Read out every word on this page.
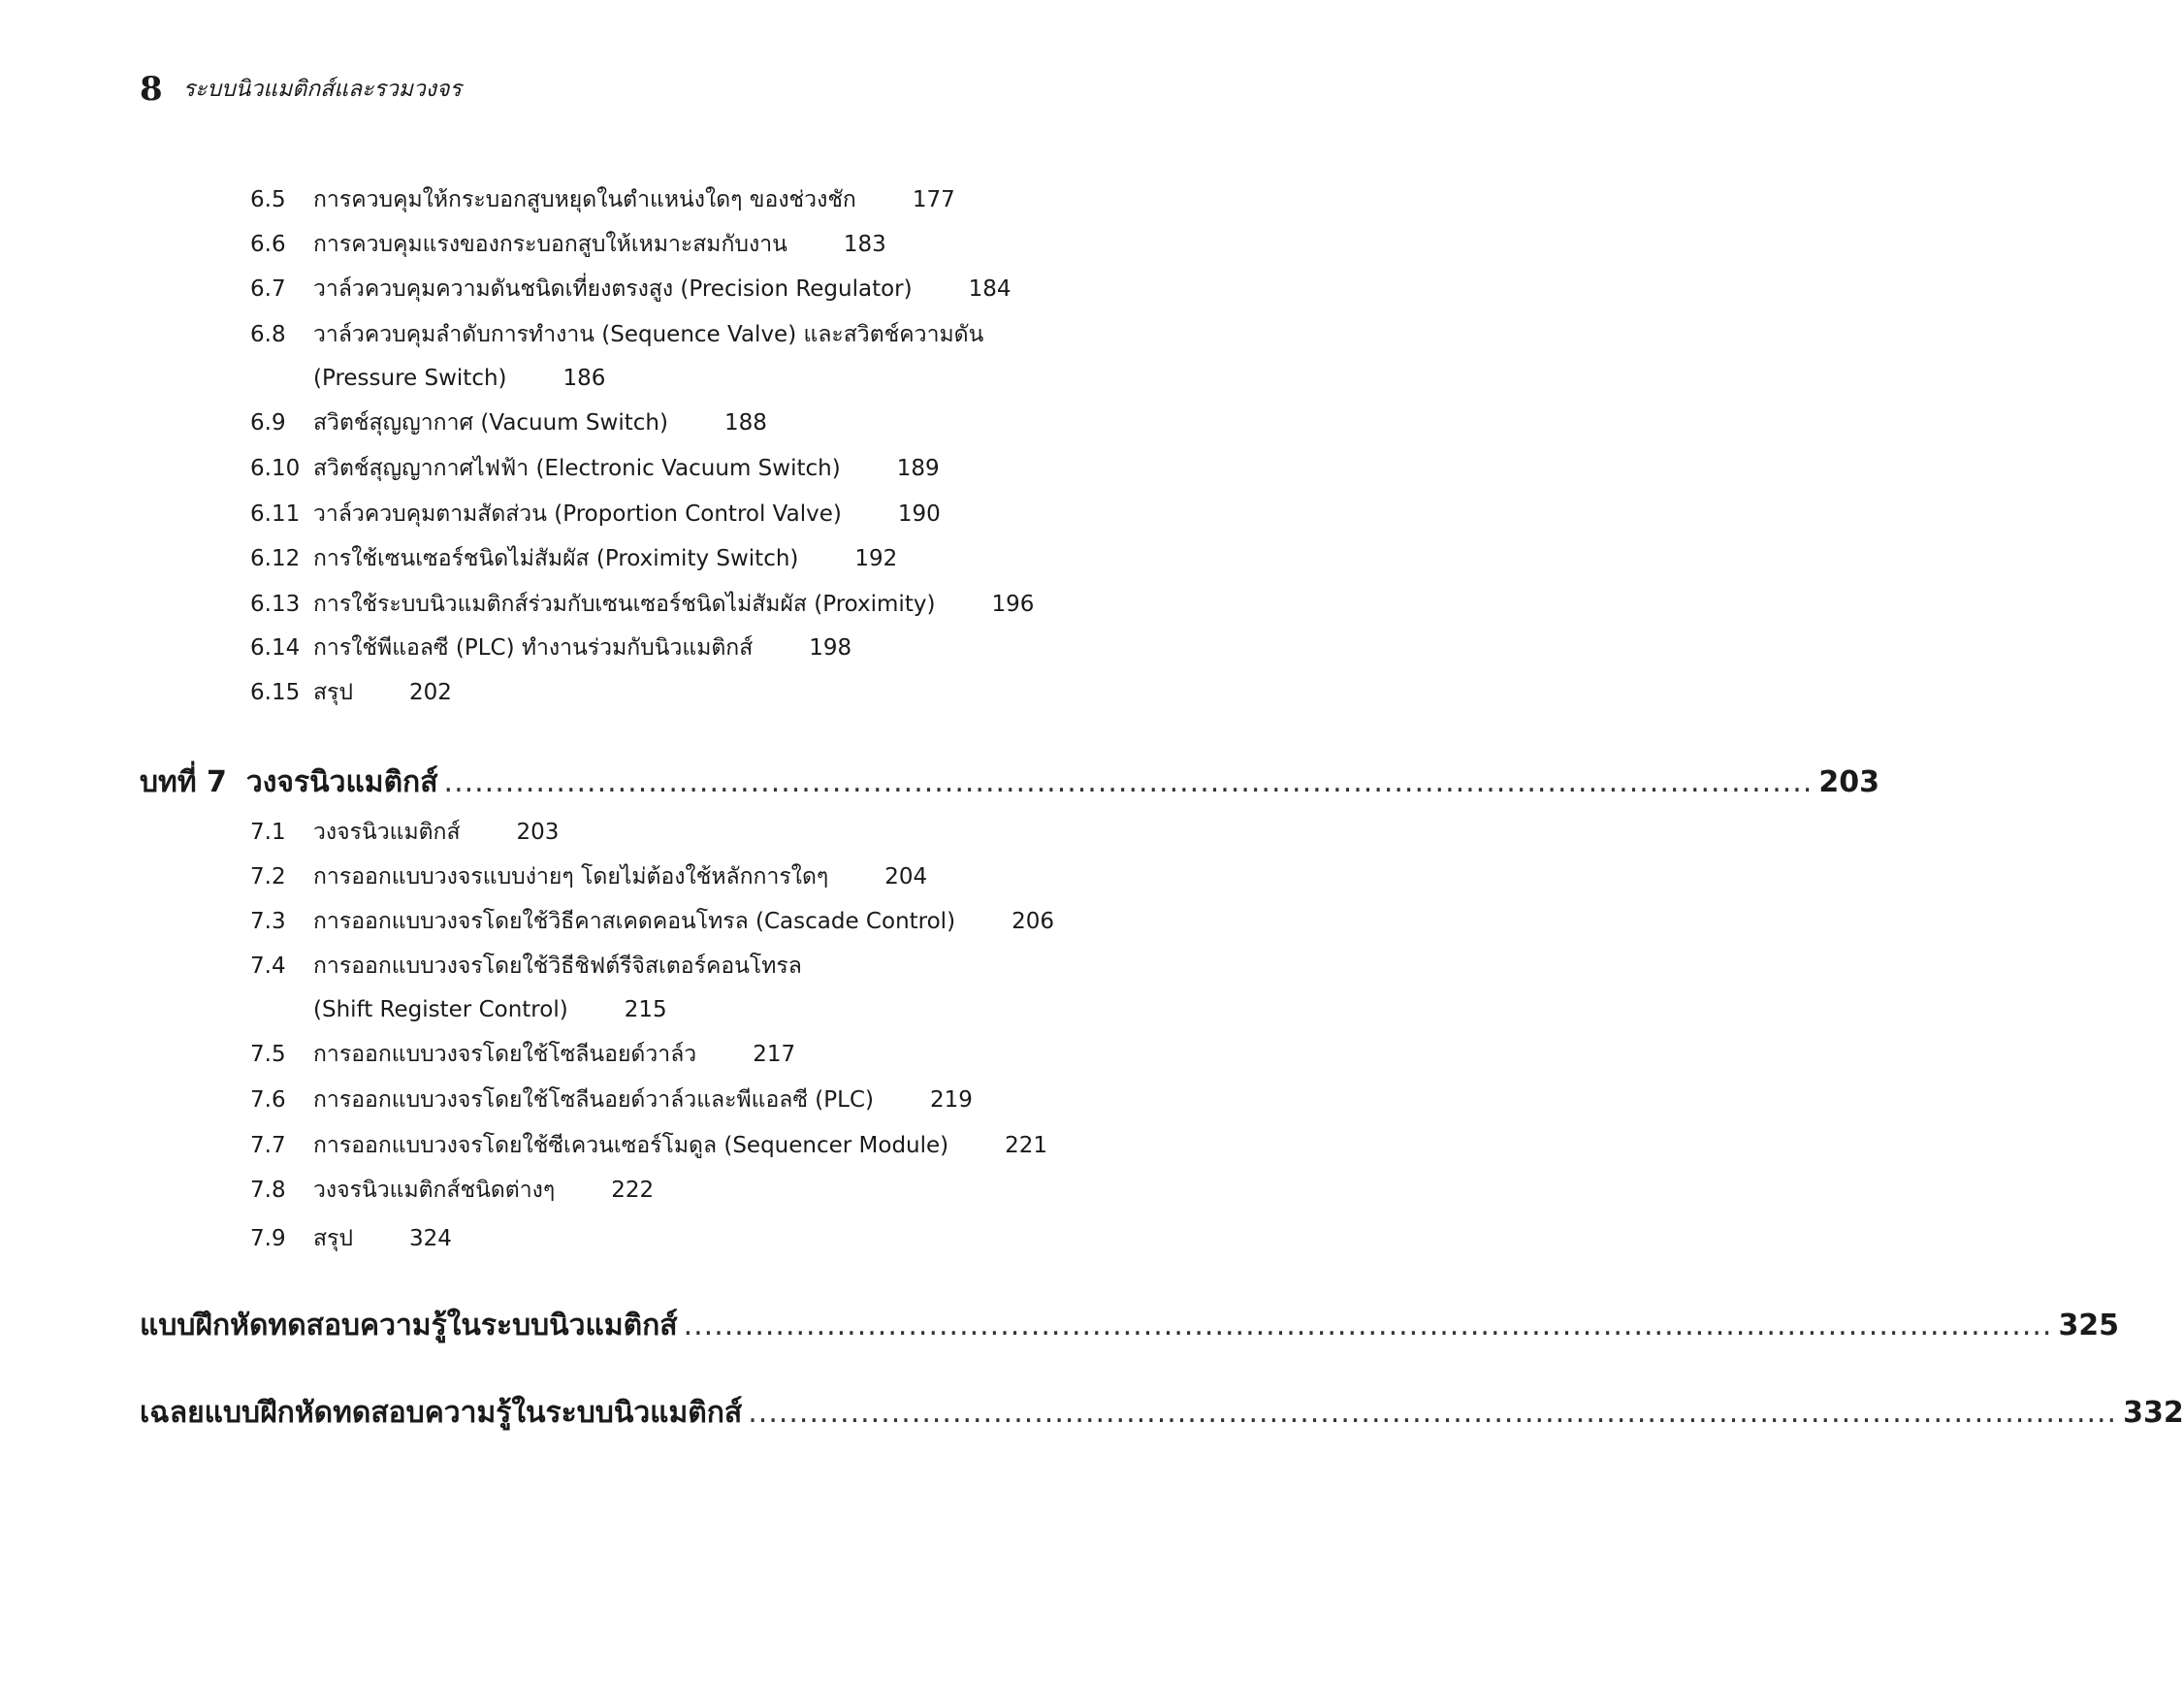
8 ระบบนิวแมติกส์และรวมวงจร
6.5 การควบคุมให้กระบอกสูบหยุดในตำแหน่งใดๆ ของช่วงชัก	177
6.6 การควบคุมแรงของกระบอกสูบให้เหมาะสมกับงาน	183
6.7 วาล์วควบคุมความดันชนิดเที่ยงตรงสูง (Precision Regulator)	184
6.8 วาล์วควบคุมลำดับการทำงาน (Sequence Valve) และสวิตช์ความดัน
(Pressure Switch)	186
6.9 สวิตช์สุญญากาศ (Vacuum Switch)	188
6.10 สวิตช์สุญญากาศไฟฟ้า (Electronic Vacuum Switch)	189
6.11 วาล์วควบคุมตามสัดส่วน (Proportion Control Valve)	190
6.12 การใช้เซนเซอร์ชนิดไม่สัมผัส (Proximity Switch)	192
6.13 การใช้ระบบนิวแมติกส์ร่วมกับเซนเซอร์ชนิดไม่สัมผัส (Proximity)	196
6.14 การใช้พีแอลซี (PLC) ทำงานร่วมกับนิวแมติกส์	198
6.15 สรุป	202
บทที่ 7 วงจรนิวแมติกส์ ...................................................................................................................................... 203
7.1 วงจรนิวแมติกส์	203
7.2 การออกแบบวงจรแบบง่ายๆ โดยไม่ต้องใช้หลักการใดๆ	204
7.3 การออกแบบวงจรโดยใช้วิธีคาสเคดคอนโทรล (Cascade Control)	206
7.4 การออกแบบวงจรโดยใช้วิธีชิฟต์รีจิสเตอร์คอนโทรล
(Shift Register Control)	215
7.5 การออกแบบวงจรโดยใช้โซลีนอยด์วาล์ว	217
7.6 การออกแบบวงจรโดยใช้โซลีนอยด์วาล์วและพีแอลซี (PLC)	219
7.7 การออกแบบวงจรโดยใช้ซีเควนเซอร์โมดูล (Sequencer Module)	221
7.8 วงจรนิวแมติกส์ชนิดต่างๆ	222
7.9 สรุป	324
แบบฝึกหัดทดสอบความรู้ในระบบนิวแมติกส์ ...................................................................................................................................... 325
เฉลยแบบฝึกหัดทดสอบความรู้ในระบบนิวแมติกส์ ...................................................................................................................................... 332
